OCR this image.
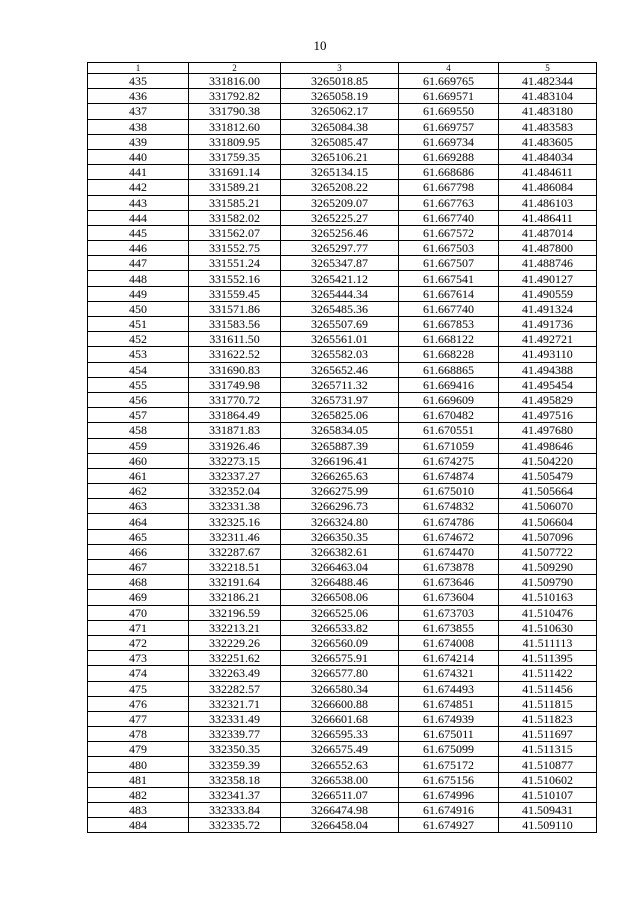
10
1	2	3	4	5
435	331816.00	3265018.85	61.669765	41.482344
436	331792.82	3265058.19	61.669571	41.483104
437	331790.38	3265062.17	61.669550	41.483180
438	331812.60	3265084.38	61.669757	41.483583
439	331809.95	3265085.47	61.669734	41.483605
440	331759.35	3265106.21	61.669288	41.484034
441	331691.14	3265134.15	61.668686	41.484611
442	331589.21	3265208.22	61.667798	41.486084
443	331585.21	3265209.07	61.667763	41.486103
444	331582.02	3265225.27	61.667740	41.486411
445	331562.07	3265256.46	61.667572	41.487014
446	331552.75	3265297.77	61.667503	41.487800
447	331551.24	3265347.87	61.667507	41.488746
448	331552.16	3265421.12	61.667541	41.490127
449	331559.45	3265444.34	61.667614	41.490559
450	331571.86	3265485.36	61.667740	41.491324
451	331583.56	3265507.69	61.667853	41.491736
452	331611.50	3265561.01	61.668122	41.492721
453	331622.52	3265582.03	61.668228	41.493110
454	331690.83	3265652.46	61.668865	41.494388
455	331749.98	3265711.32	61.669416	41.495454
456	331770.72	3265731.97	61.669609	41.495829
457	331864.49	3265825.06	61.670482	41.497516
458	331871.83	3265834.05	61.670551	41.497680
459	331926.46	3265887.39	61.671059	41.498646
460	332273.15	3266196.41	61.674275	41.504220
461	332337.27	3266265.63	61.674874	41.505479
462	332352.04	3266275.99	61.675010	41.505664
463	332331.38	3266296.73	61.674832	41.506070
464	332325.16	3266324.80	61.674786	41.506604
465	332311.46	3266350.35	61.674672	41.507096
466	332287.67	3266382.61	61.674470	41.507722
467	332218.51	3266463.04	61.673878	41.509290
468	332191.64	3266488.46	61.673646	41.509790
469	332186.21	3266508.06	61.673604	41.510163
470	332196.59	3266525.06	61.673703	41.510476
471	332213.21	3266533.82	61.673855	41.510630
472	332229.26	3266560.09	61.674008	41.511113
473	332251.62	3266575.91	61.674214	41.511395
474	332263.49	3266577.80	61.674321	41.511422
475	332282.57	3266580.34	61.674493	41.511456
476	332321.71	3266600.88	61.674851	41.511815
477	332331.49	3266601.68	61.674939	41.511823
478	332339.77	3266595.33	61.675011	41.511697
479	332350.35	3266575.49	61.675099	41.511315
480	332359.39	3266552.63	61.675172	41.510877
481	332358.18	3266538.00	61.675156	41.510602
482	332341.37	3266511.07	61.674996	41.510107
483	332333.84	3266474.98	61.674916	41.509431
484	332335.72	3266458.04	61.674927	41.509110
